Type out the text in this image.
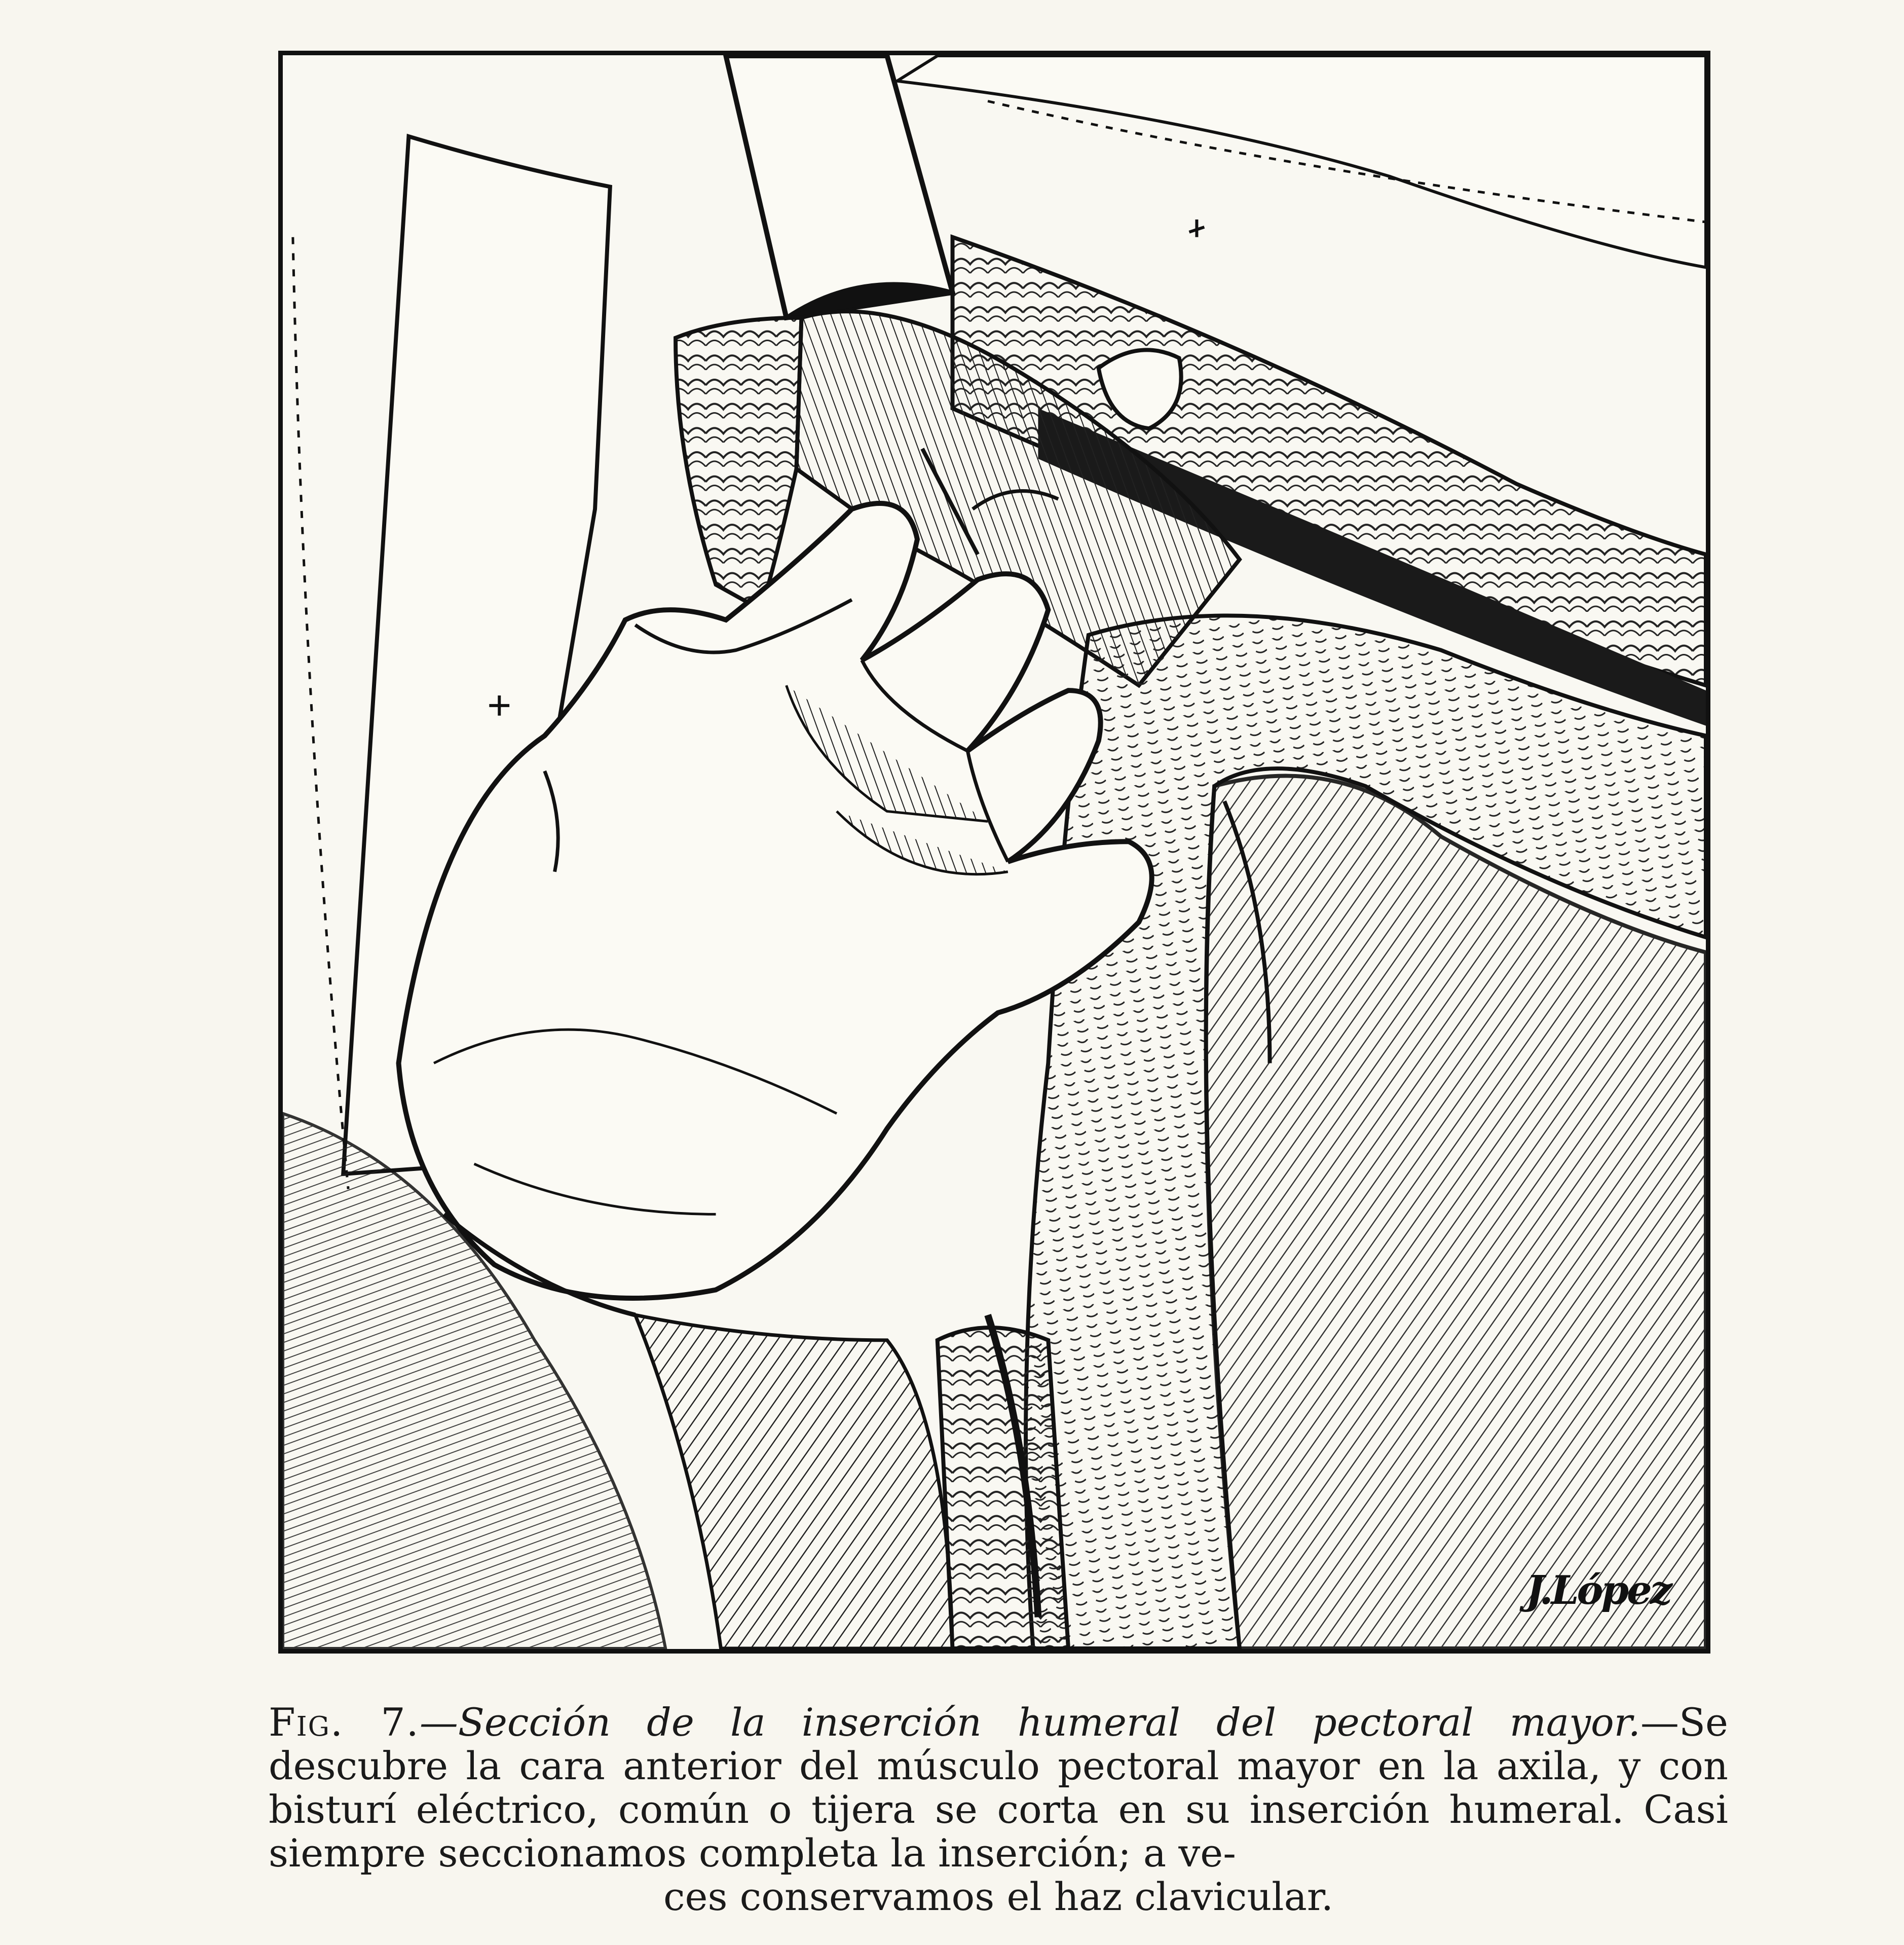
J.López
Fig. 7.—Sección de la inserción humeral del pectoral mayor.—Se descubre la cara anterior del músculo pectoral mayor en la axila, y con bisturí eléctrico, común o tijera se corta en su inserción humeral. Casi siempre seccionamos completa la inserción; a ve-
ces conservamos el haz clavicular.
